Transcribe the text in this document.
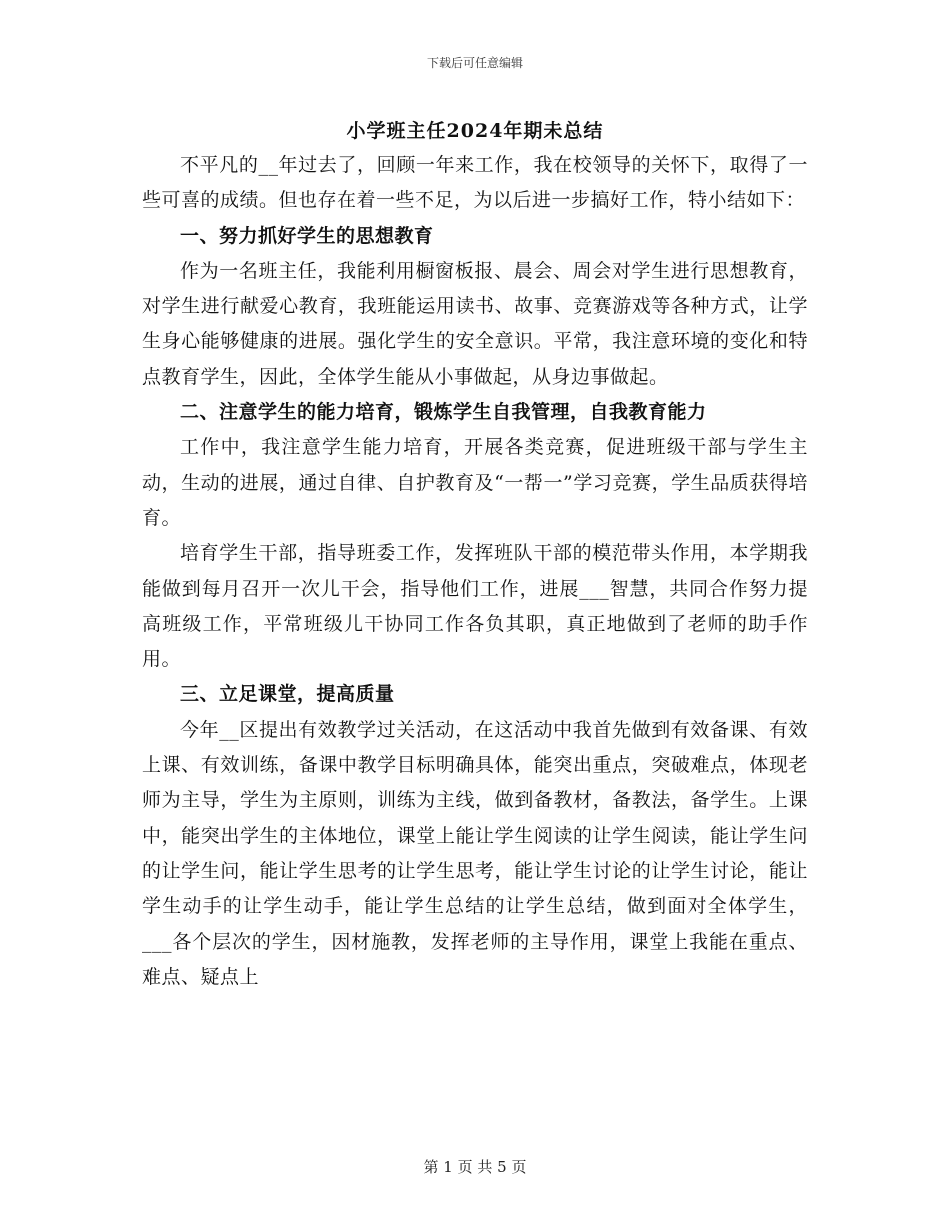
下载后可任意编辑
小学班主任2024年期未总结

不平凡的__年过去了，回顾一年来工作，我在校领导的关怀下，取得了一些可喜的成绩。但也存在着一些不足，为以后进一步搞好工作，特小结如下：

一、努力抓好学生的思想教育

作为一名班主任，我能利用橱窗板报、晨会、周会对学生进行思想教育，对学生进行献爱心教育，我班能运用读书、故事、竞赛游戏等各种方式，让学生身心能够健康的进展。强化学生的安全意识。平常，我注意环境的变化和特点教育学生，因此，全体学生能从小事做起，从身边事做起。

二、注意学生的能力培育，锻炼学生自我管理，自我教育能力

工作中，我注意学生能力培育，开展各类竞赛，促进班级干部与学生主动，生动的进展，通过自律、自护教育及“一帮一”学习竞赛，学生品质获得培育。

培育学生干部，指导班委工作，发挥班队干部的模范带头作用，本学期我能做到每月召开一次儿干会，指导他们工作，进展___智慧，共同合作努力提高班级工作，平常班级儿干协同工作各负其职，真正地做到了老师的助手作用。

三、立足课堂，提高质量

今年__区提出有效教学过关活动，在这活动中我首先做到有效备课、有效上课、有效训练，备课中教学目标明确具体，能突出重点，突破难点，体现老师为主导，学生为主原则，训练为主线，做到备教材，备教法，备学生。上课中，能突出学生的主体地位，课堂上能让学生阅读的让学生阅读，能让学生问的让学生问，能让学生思考的让学生思考，能让学生讨论的让学生讨论，能让学生动手的让学生动手，能让学生总结的让学生总结，做到面对全体学生，___各个层次的学生，因材施教，发挥老师的主导作用，课堂上我能在重点、难点、疑点上

第 1 页 共 5 页
